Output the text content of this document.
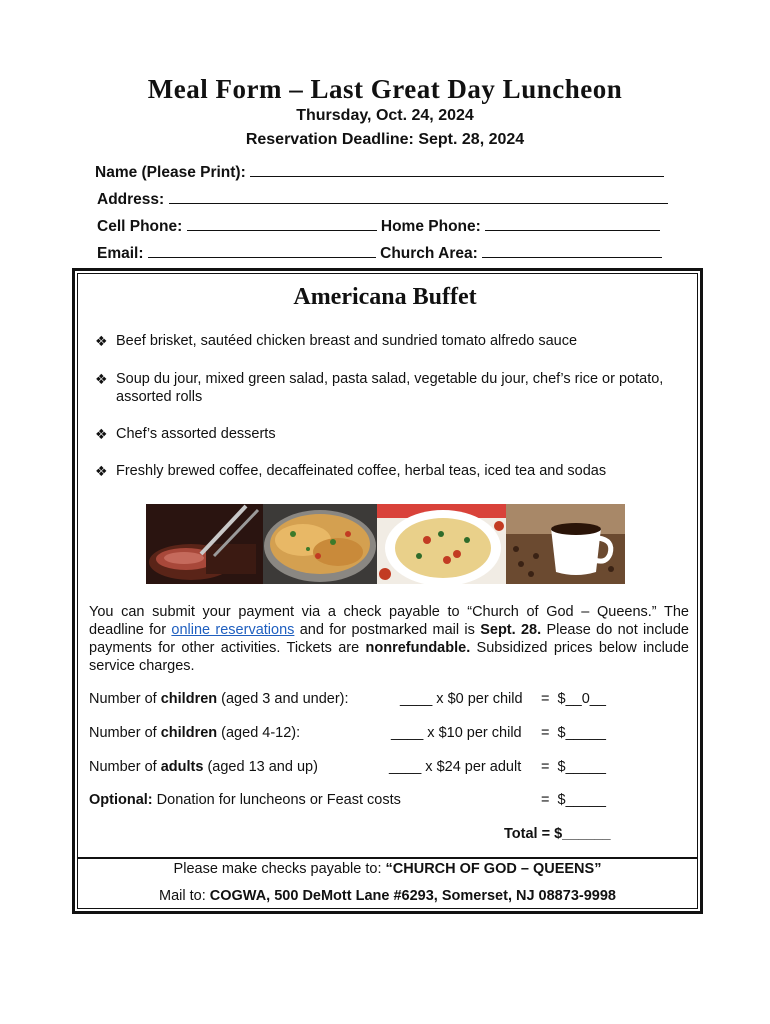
Meal Form – Last Great Day Luncheon
Thursday, Oct. 24, 2024
Reservation Deadline: Sept. 28, 2024
Name (Please Print):
Address:
Cell Phone:	Home Phone:
Email:	Church Area:
Americana Buffet
❖ Beef brisket, sautéed chicken breast and sundried tomato alfredo sauce
❖ Soup du jour, mixed green salad, pasta salad, vegetable du jour, chef’s rice or potato, assorted rolls
❖ Chef’s assorted desserts
❖ Freshly brewed coffee, decaffeinated coffee, herbal teas, iced tea and sodas
You can submit your payment via a check payable to “Church of God – Queens.” The deadline for online reservations and for postmarked mail is Sept. 28. Please do not include payments for other activities. Tickets are nonrefundable. Subsidized prices below include service charges.
Number of children (aged 3 and under):	____ x $0 per child = $__0__
Number of children (aged 4-12):	____ x $10 per child = $_____
Number of adults (aged 13 and up)	____ x $24 per adult = $_____
Optional: Donation for luncheons or Feast costs	= $_____
Total = $______
Please make checks payable to: “CHURCH OF GOD – QUEENS”
Mail to: COGWA, 500 DeMott Lane #6293, Somerset, NJ 08873-9998
